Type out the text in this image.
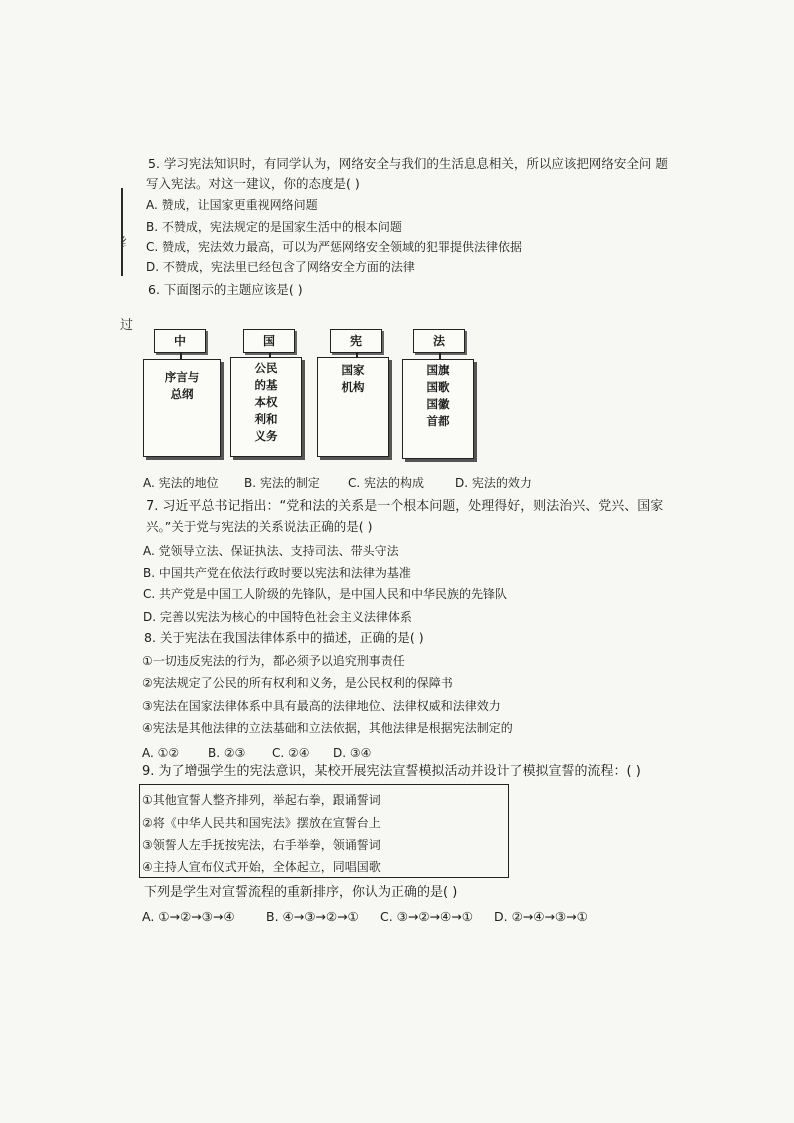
纟
过
5. 学习宪法知识时，有同学认为，网络安全与我们的生活息息相关，所以应该把网络安全问 题
写入宪法。对这一建议，你的态度是( )
A. 赞成，让国家更重视网络问题
B. 不赞成，宪法规定的是国家生活中的根本问题
C. 赞成，宪法效力最高，可以为严惩网络安全领域的犯罪提供法律依据
D. 不赞成，宪法里已经包含了网络安全方面的法律
6. 下面图示的主题应该是( )
中	国	宪	法
序言与
总纲
公民
的基
本权
利和
义务
国家
机构
国旗
国歌
国徽
首都
A. 宪法的地位 B. 宪法的制定 C. 宪法的构成	D. 宪法的效力
7. 习近平总书记指出：“党和法的关系是一个根本问题，处理得好，则法治兴、党兴、国家
兴。”关于党与宪法的关系说法正确的是( )
A. 党领导立法、保证执法、支持司法、带头守法
B. 中国共产党在依法行政时要以宪法和法律为基准
C. 共产党是中国工人阶级的先锋队，是中国人民和中华民族的先锋队
D. 完善以宪法为核心的中国特色社会主义法律体系
8. 关于宪法在我国法律体系中的描述，正确的是( )
①一切违反宪法的行为，都必须予以追究刑事责任
②宪法规定了公民的所有权利和义务，是公民权利的保障书
③宪法在国家法律体系中具有最高的法律地位、法律权威和法律效力
④宪法是其他法律的立法基础和立法依据，其他法律是根据宪法制定的
A. ①② B. ②③ C. ②④ D. ③④
9. 为了增强学生的宪法意识，某校开展宪法宣誓模拟活动并设计了模拟宣誓的流程：( )
①其他宣誓人整齐排列，举起右拳，跟诵誓词
②将《中华人民共和国宪法》摆放在宣誓台上
③领誓人左手抚按宪法，右手举拳，领诵誓词
④主持人宣布仪式开始，全体起立，同唱国歌
下列是学生对宣誓流程的重新排序，你认为正确的是( )
A. ①→②→③→④	B. ④→③→②→① C. ③→②→④→① D. ②→④→③→①
